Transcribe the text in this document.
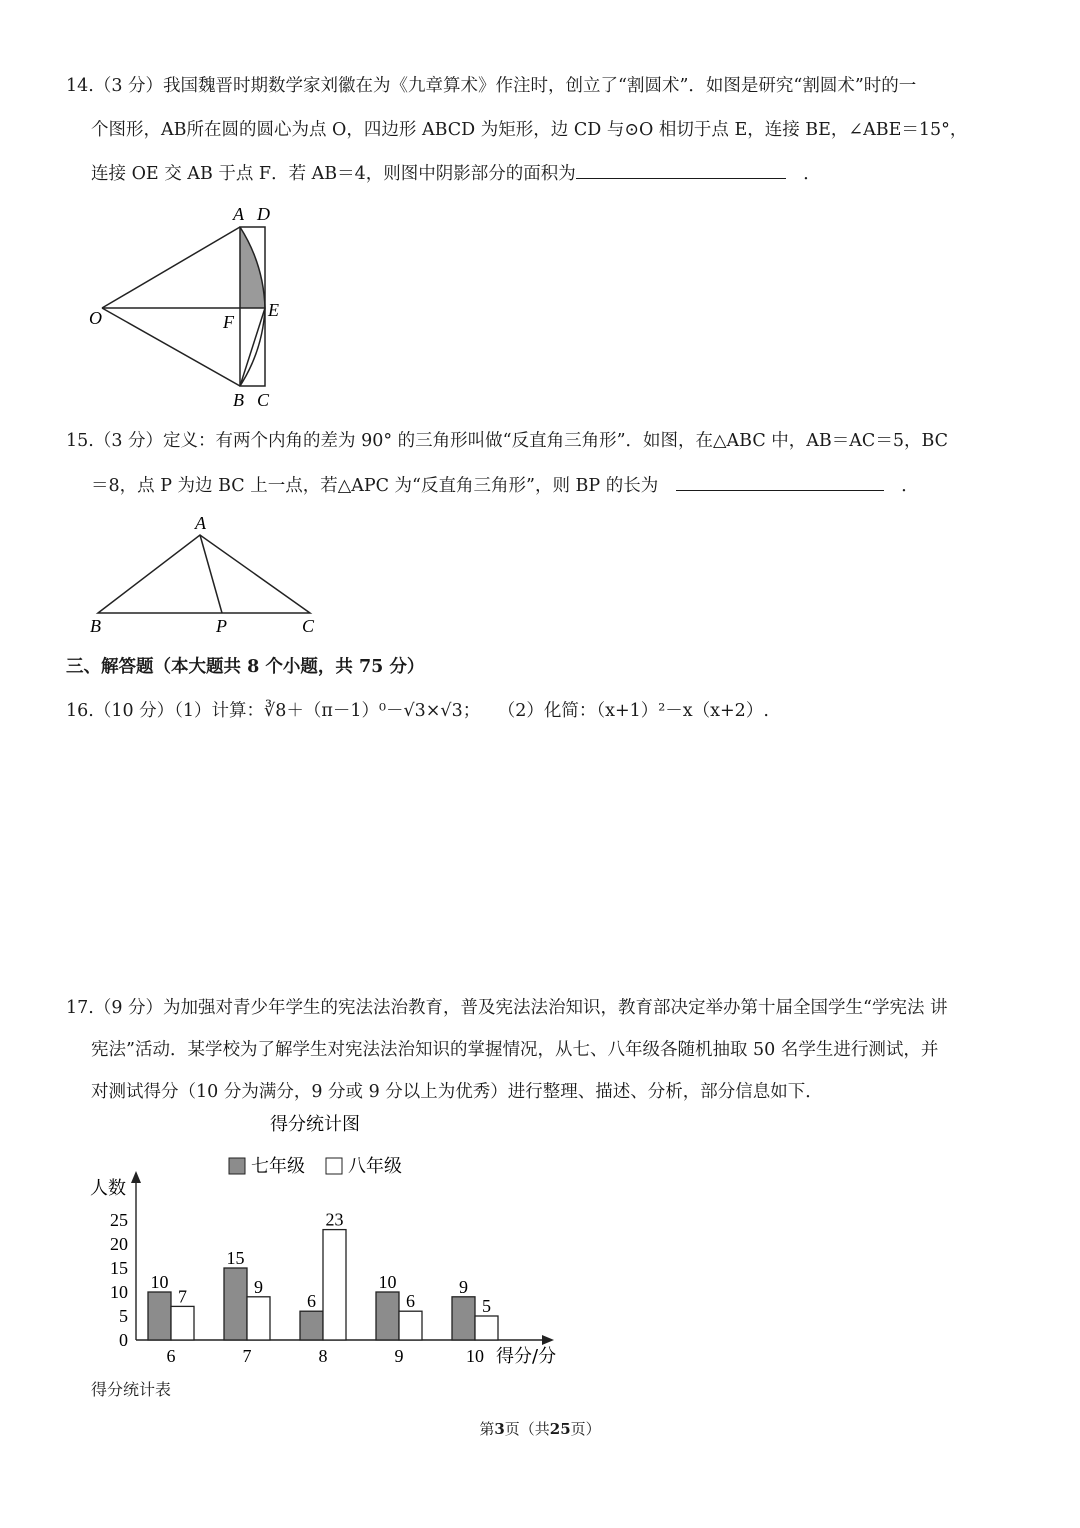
14.（3 分）我国魏晋时期数学家刘徽在为《九章算术》作注时，创立了“割圆术”．如图是研究“割圆术”时的一
个图形，AB所在圆的圆心为点 O，四边形 ABCD 为矩形，边 CD 与⊙O 相切于点 E，连接 BE，∠ABE＝15°，
连接 OE 交 AB 于点 F．若 AB＝4，则图中阴影部分的面积为　	．
A D
O	F
E
B C
15.（3 分）定义：有两个内角的差为 90° 的三角形叫做“反直角三角形”．如图，在△ABC 中，AB＝AC＝5，BC
＝8，点 P 为边 BC 上一点，若△APC 为“反直角三角形”，则 BP 的长为　　	．
A
B	P	C
三、解答题（本大题共 8 个小题，共 75 分）
16.（10 分）（1）计算：∛8＋（π－1）⁰－√3×√3；　　（2）化简：（x+1）²－x（x+2）.
17.（9 分）为加强对青少年学生的宪法法治教育，普及宪法法治知识，教育部决定举办第十届全国学生“学宪法 讲
宪法”活动．某学校为了解学生对宪法法治知识的掌握情况，从七、八年级各随机抽取 50 名学生进行测试，并
对测试得分（10 分为满分，9 分或 9 分以上为优秀）进行整理、描述、分析，部分信息如下．
得分统计图
七年级 八年级
人数
得分/分
0
5
10
15
20
25
10
7
6
15
9
7
6
23
8
10
6
9
9
5
10
得分统计表
第3页（共25页）
